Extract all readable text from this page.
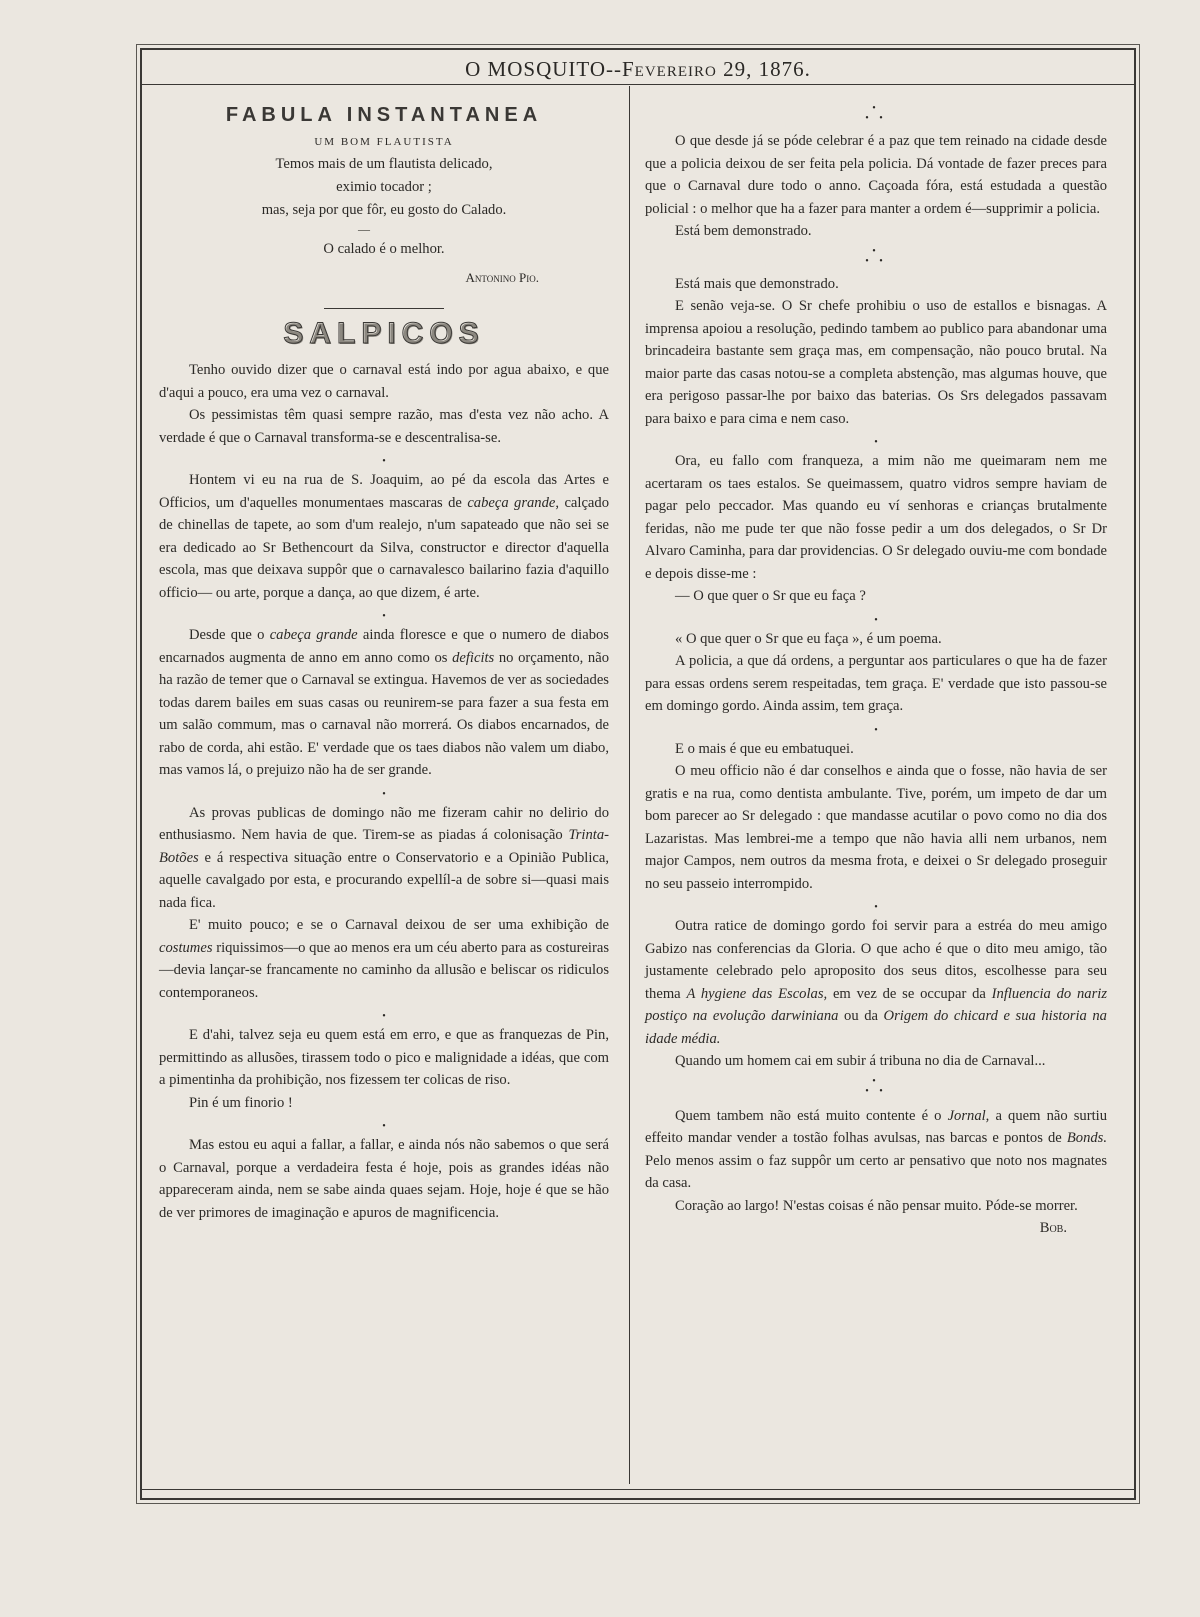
O MOSQUITO--Fevereiro 29, 1876.
FABULA INSTANTANEA
UM BOM FLAUTISTA
Temos mais de um flautista delicado,
eximio tocador ;
mas, seja por que fôr, eu gosto do Calado.
—
O calado é o melhor.
Antonino Pio.
SALPICOS

Tenho ouvido dizer que o carnaval está indo por agua abaixo, e que d'aqui a pouco, era uma vez o carnaval.

Os pessimistas têm quasi sempre razão, mas d'esta vez não acho. A verdade é que o Carnaval transforma-se e descentralisa-se.

•

Hontem vi eu na rua de S. Joaquim, ao pé da escola das Artes e Officios, um d'aquelles monumentaes mascaras de cabeça grande, calçado de chinellas de tapete, ao som d'um realejo, n'um sapateado que não sei se era dedicado ao Sr Bethencourt da Silva, constructor e director d'aquella escola, mas que deixava suppôr que o carnavalesco bailarino fazia d'aquillo officio— ou arte, porque a dança, ao que dizem, é arte.

•

Desde que o cabeça grande ainda floresce e que o numero de diabos encarnados augmenta de anno em anno como os deficits no orçamento, não ha razão de temer que o Carnaval se extingua. Havemos de ver as sociedades todas darem bailes em suas casas ou reunirem-se para fazer a sua festa em um salão commum, mas o carnaval não morrerá. Os diabos encarnados, de rabo de corda, ahi estão. E' verdade que os taes diabos não valem um diabo, mas vamos lá, o prejuizo não ha de ser grande.

•

As provas publicas de domingo não me fizeram cahir no delirio do enthusiasmo. Nem havia de que. Tirem-se as piadas á colonisação Trinta-Botões e á respectiva situação entre o Conservatorio e a Opinião Publica, aquelle cavalgado por esta, e procurando expellíl-a de sobre si—quasi mais nada fica.

E' muito pouco; e se o Carnaval deixou de ser uma exhibição de costumes riquissimos—o que ao menos era um céu aberto para as costureiras—devia lançar-se francamente no caminho da allusão e beliscar os ridiculos contemporaneos.

•

E d'ahi, talvez seja eu quem está em erro, e que as franquezas de Pin, permittindo as allusões, tirassem todo o pico e malignidade a idéas, que com a pimentinha da prohibição, nos fizessem ter colicas de riso.

Pin é um finorio !

•

Mas estou eu aqui a fallar, a fallar, e ainda nós não sabemos o que será o Carnaval, porque a verdadeira festa é hoje, pois as grandes idéas não appareceram ainda, nem se sabe ainda quaes sejam. Hoje, hoje é que se hão de ver primores de imaginação e apuros de magnificencia.

•
• •

O que desde já se póde celebrar é a paz que tem reinado na cidade desde que a policia deixou de ser feita pela policia. Dá vontade de fazer preces para que o Carnaval dure todo o anno. Caçoada fóra, está estudada a questão policial : o melhor que ha a fazer para manter a ordem é—supprimir a policia.

Está bem demonstrado.

•
• •

Está mais que demonstrado.

E senão veja-se. O Sr chefe prohibiu o uso de estallos e bisnagas. A imprensa apoiou a resolução, pedindo tambem ao publico para abandonar uma brincadeira bastante sem graça mas, em compensação, não pouco brutal. Na maior parte das casas notou-se a completa abstenção, mas algumas houve, que era perigoso passar-lhe por baixo das baterias. Os Srs delegados passavam para baixo e para cima e nem caso.

•

Ora, eu fallo com franqueza, a mim não me queimaram nem me acertaram os taes estalos. Se queimassem, quatro vidros sempre haviam de pagar pelo peccador. Mas quando eu ví senhoras e crianças brutalmente feridas, não me pude ter que não fosse pedir a um dos delegados, o Sr Dr Alvaro Caminha, para dar providencias. O Sr delegado ouviu-me com bondade e depois disse-me :

— O que quer o Sr que eu faça ?

•

« O que quer o Sr que eu faça », é um poema.

A policia, a que dá ordens, a perguntar aos particulares o que ha de fazer para essas ordens serem respeitadas, tem graça. E' verdade que isto passou-se em domingo gordo. Ainda assim, tem graça.

•

E o mais é que eu embatuquei.

O meu officio não é dar conselhos e ainda que o fosse, não havia de ser gratis e na rua, como dentista ambulante. Tive, porém, um impeto de dar um bom parecer ao Sr delegado : que mandasse acutilar o povo como no dia dos Lazaristas. Mas lembrei-me a tempo que não havia alli nem urbanos, nem major Campos, nem outros da mesma frota, e deixei o Sr delegado proseguir no seu passeio interrompido.

•

Outra ratice de domingo gordo foi servir para a estréa do meu amigo Gabizo nas conferencias da Gloria. O que acho é que o dito meu amigo, tão justamente celebrado pelo aproposito dos seus ditos, escolhesse para seu thema A hygiene das Escolas, em vez de se occupar da Influencia do nariz postiço na evolução darwiniana ou da Origem do chicard e sua historia na idade média.

Quando um homem cai em subir á tribuna no dia de Carnaval...

•
• •

Quem tambem não está muito contente é o Jornal, a quem não surtiu effeito mandar vender a tostão folhas avulsas, nas barcas e pontos de Bonds. Pelo menos assim o faz suppôr um certo ar pensativo que noto nos magnates da casa.

Coração ao largo! N'estas coisas é não pensar muito. Póde-se morrer.

Bob.
